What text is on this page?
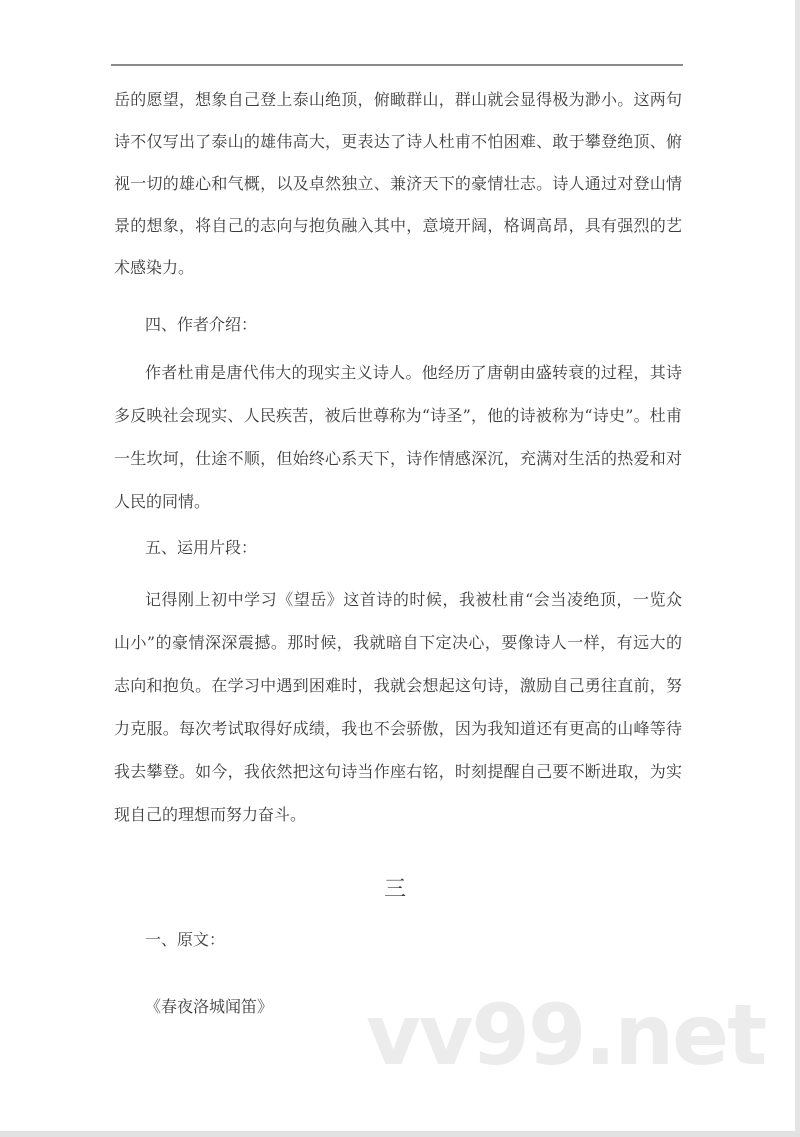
岳的愿望，想象自己登上泰山绝顶，俯瞰群山，群山就会显得极为渺小。这两句
诗不仅写出了泰山的雄伟高大，更表达了诗人杜甫不怕困难、敢于攀登绝顶、俯
视一切的雄心和气概，以及卓然独立、兼济天下的豪情壮志。诗人通过对登山情
景的想象，将自己的志向与抱负融入其中，意境开阔，格调高昂，具有强烈的艺
术感染力。
四、作者介绍：
作者杜甫是唐代伟大的现实主义诗人。他经历了唐朝由盛转衰的过程，其诗
多反映社会现实、人民疾苦，被后世尊称为“诗圣”，他的诗被称为“诗史”。杜甫
一生坎坷，仕途不顺，但始终心系天下，诗作情感深沉，充满对生活的热爱和对
人民的同情。
五、运用片段：
记得刚上初中学习《望岳》这首诗的时候，我被杜甫“会当凌绝顶，一览众
山小”的豪情深深震撼。那时候，我就暗自下定决心，要像诗人一样，有远大的
志向和抱负。在学习中遇到困难时，我就会想起这句诗，激励自己勇往直前，努
力克服。每次考试取得好成绩，我也不会骄傲，因为我知道还有更高的山峰等待
我去攀登。如今，我依然把这句诗当作座右铭，时刻提醒自己要不断进取，为实
现自己的理想而努力奋斗。
三
一、原文：
《春夜洛城闻笛》 vv99.net
